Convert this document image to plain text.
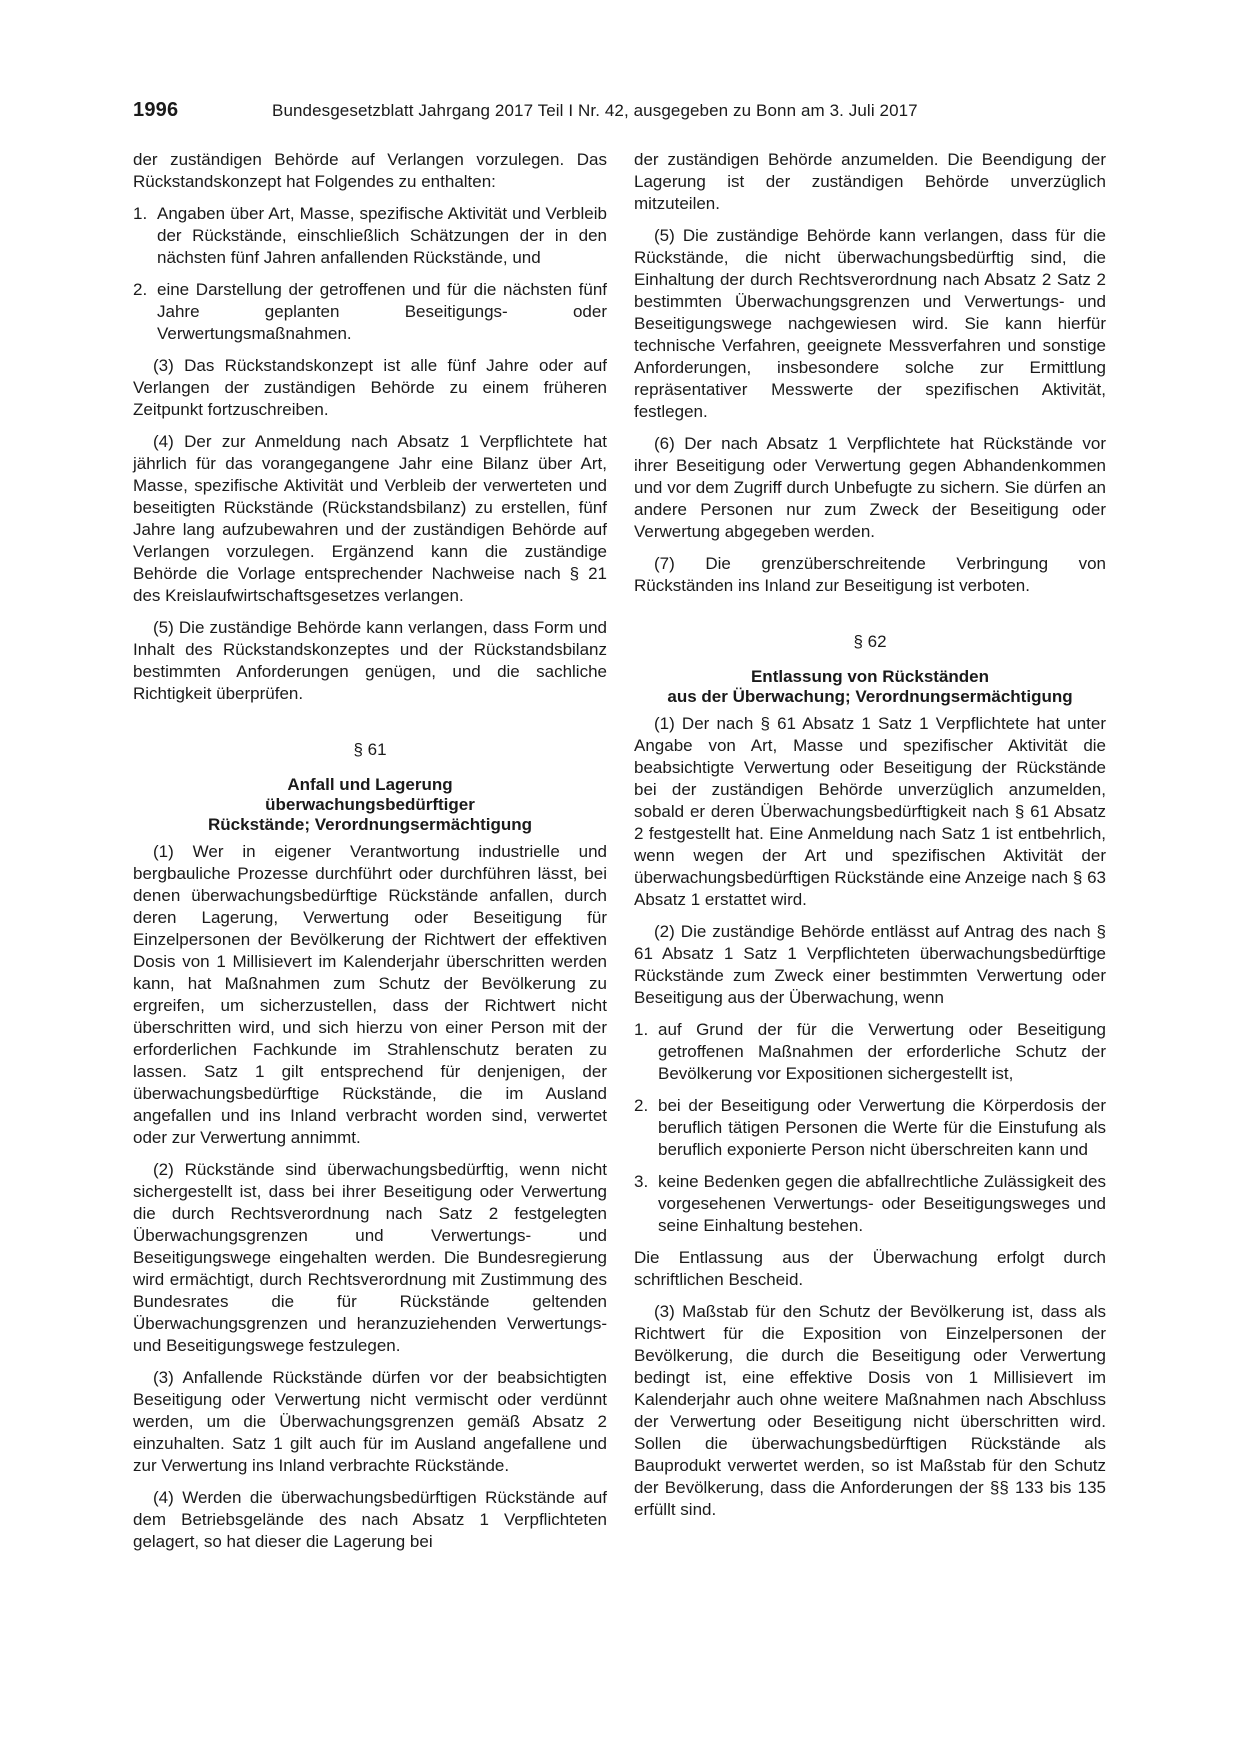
1996	Bundesgesetzblatt Jahrgang 2017 Teil I Nr. 42, ausgegeben zu Bonn am 3. Juli 2017

der zuständigen Behörde auf Verlangen vorzulegen. Das Rückstandskonzept hat Folgendes zu enthalten:

1. Angaben über Art, Masse, spezifische Aktivität und Verbleib der Rückstände, einschließlich Schätzungen der in den nächsten fünf Jahren anfallenden Rückstände, und
2. eine Darstellung der getroffenen und für die nächsten fünf Jahre geplanten Beseitigungs- oder Verwertungsmaßnahmen.

(3) Das Rückstandskonzept ist alle fünf Jahre oder auf Verlangen der zuständigen Behörde zu einem früheren Zeitpunkt fortzuschreiben.

(4) Der zur Anmeldung nach Absatz 1 Verpflichtete hat jährlich für das vorangegangene Jahr eine Bilanz über Art, Masse, spezifische Aktivität und Verbleib der verwerteten und beseitigten Rückstände (Rückstandsbilanz) zu erstellen, fünf Jahre lang aufzubewahren und der zuständigen Behörde auf Verlangen vorzulegen. Ergänzend kann die zuständige Behörde die Vorlage entsprechender Nachweise nach § 21 des Kreislaufwirtschaftsgesetzes verlangen.

(5) Die zuständige Behörde kann verlangen, dass Form und Inhalt des Rückstandskonzeptes und der Rückstandsbilanz bestimmten Anforderungen genügen, und die sachliche Richtigkeit überprüfen.

§ 61
Anfall und Lagerung
überwachungsbedürftiger
Rückstände; Verordnungsermächtigung

(1) Wer in eigener Verantwortung industrielle und bergbauliche Prozesse durchführt oder durchführen lässt, bei denen überwachungsbedürftige Rückstände anfallen, durch deren Lagerung, Verwertung oder Beseitigung für Einzelpersonen der Bevölkerung der Richtwert der effektiven Dosis von 1 Millisievert im Kalenderjahr überschritten werden kann, hat Maßnahmen zum Schutz der Bevölkerung zu ergreifen, um sicherzustellen, dass der Richtwert nicht überschritten wird, und sich hierzu von einer Person mit der erforderlichen Fachkunde im Strahlenschutz beraten zu lassen. Satz 1 gilt entsprechend für denjenigen, der überwachungsbedürftige Rückstände, die im Ausland angefallen und ins Inland verbracht worden sind, verwertet oder zur Verwertung annimmt.

(2) Rückstände sind überwachungsbedürftig, wenn nicht sichergestellt ist, dass bei ihrer Beseitigung oder Verwertung die durch Rechtsverordnung nach Satz 2 festgelegten Überwachungsgrenzen und Verwertungs- und Beseitigungswege eingehalten werden. Die Bundesregierung wird ermächtigt, durch Rechtsverordnung mit Zustimmung des Bundesrates die für Rückstände geltenden Überwachungsgrenzen und heranzuziehenden Verwertungs- und Beseitigungswege festzulegen.

(3) Anfallende Rückstände dürfen vor der beabsichtigten Beseitigung oder Verwertung nicht vermischt oder verdünnt werden, um die Überwachungsgrenzen gemäß Absatz 2 einzuhalten. Satz 1 gilt auch für im Ausland angefallene und zur Verwertung ins Inland verbrachte Rückstände.

(4) Werden die überwachungsbedürftigen Rückstände auf dem Betriebsgelände des nach Absatz 1 Verpflichteten gelagert, so hat dieser die Lagerung bei

der zuständigen Behörde anzumelden. Die Beendigung der Lagerung ist der zuständigen Behörde unverzüglich mitzuteilen.

(5) Die zuständige Behörde kann verlangen, dass für die Rückstände, die nicht überwachungsbedürftig sind, die Einhaltung der durch Rechtsverordnung nach Absatz 2 Satz 2 bestimmten Überwachungsgrenzen und Verwertungs- und Beseitigungswege nachgewiesen wird. Sie kann hierfür technische Verfahren, geeignete Messverfahren und sonstige Anforderungen, insbesondere solche zur Ermittlung repräsentativer Messwerte der spezifischen Aktivität, festlegen.

(6) Der nach Absatz 1 Verpflichtete hat Rückstände vor ihrer Beseitigung oder Verwertung gegen Abhandenkommen und vor dem Zugriff durch Unbefugte zu sichern. Sie dürfen an andere Personen nur zum Zweck der Beseitigung oder Verwertung abgegeben werden.

(7) Die grenzüberschreitende Verbringung von Rückständen ins Inland zur Beseitigung ist verboten.

§ 62
Entlassung von Rückständen
aus der Überwachung; Verordnungsermächtigung

(1) Der nach § 61 Absatz 1 Satz 1 Verpflichtete hat unter Angabe von Art, Masse und spezifischer Aktivität die beabsichtigte Verwertung oder Beseitigung der Rückstände bei der zuständigen Behörde unverzüglich anzumelden, sobald er deren Überwachungsbedürftigkeit nach § 61 Absatz 2 festgestellt hat. Eine Anmeldung nach Satz 1 ist entbehrlich, wenn wegen der Art und spezifischen Aktivität der überwachungsbedürftigen Rückstände eine Anzeige nach § 63 Absatz 1 erstattet wird.

(2) Die zuständige Behörde entlässt auf Antrag des nach § 61 Absatz 1 Satz 1 Verpflichteten überwachungsbedürftige Rückstände zum Zweck einer bestimmten Verwertung oder Beseitigung aus der Überwachung, wenn

1. auf Grund der für die Verwertung oder Beseitigung getroffenen Maßnahmen der erforderliche Schutz der Bevölkerung vor Expositionen sichergestellt ist,
2. bei der Beseitigung oder Verwertung die Körperdosis der beruflich tätigen Personen die Werte für die Einstufung als beruflich exponierte Person nicht überschreiten kann und
3. keine Bedenken gegen die abfallrechtliche Zulässigkeit des vorgesehenen Verwertungs- oder Beseitigungsweges und seine Einhaltung bestehen.

Die Entlassung aus der Überwachung erfolgt durch schriftlichen Bescheid.

(3) Maßstab für den Schutz der Bevölkerung ist, dass als Richtwert für die Exposition von Einzelpersonen der Bevölkerung, die durch die Beseitigung oder Verwertung bedingt ist, eine effektive Dosis von 1 Millisievert im Kalenderjahr auch ohne weitere Maßnahmen nach Abschluss der Verwertung oder Beseitigung nicht überschritten wird. Sollen die überwachungsbedürftigen Rückstände als Bauprodukt verwertet werden, so ist Maßstab für den Schutz der Bevölkerung, dass die Anforderungen der §§ 133 bis 135 erfüllt sind.
